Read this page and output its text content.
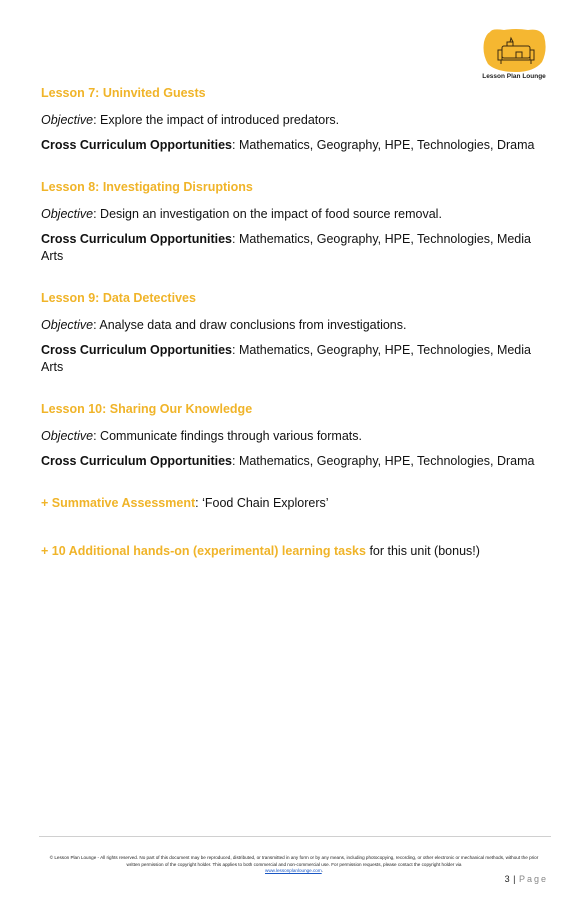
Lesson Plan Lounge
Lesson 7: Uninvited Guests
Objective: Explore the impact of introduced predators.
Cross Curriculum Opportunities: Mathematics, Geography, HPE, Technologies, Drama
Lesson 8: Investigating Disruptions
Objective: Design an investigation on the impact of food source removal.
Cross Curriculum Opportunities: Mathematics, Geography, HPE, Technologies, Media Arts
Lesson 9: Data Detectives
Objective: Analyse data and draw conclusions from investigations.
Cross Curriculum Opportunities: Mathematics, Geography, HPE, Technologies, Media Arts
Lesson 10: Sharing Our Knowledge
Objective: Communicate findings through various formats.
Cross Curriculum Opportunities: Mathematics, Geography, HPE, Technologies, Drama
+ Summative Assessment: ‘Food Chain Explorers’
+ 10 Additional hands-on (experimental) learning tasks for this unit (bonus!)
© Lesson Plan Lounge - All rights reserved. No part of this document may be reproduced, distributed, or transmitted in any form or by any means, including photocopying, recording, or other electronic or mechanical methods, without the prior written permission of the copyright holder. This applies to both commercial and non-commercial use. For permission requests, please contact the copyright holder via
www.lessonplanlounge.com.
3 | Page
